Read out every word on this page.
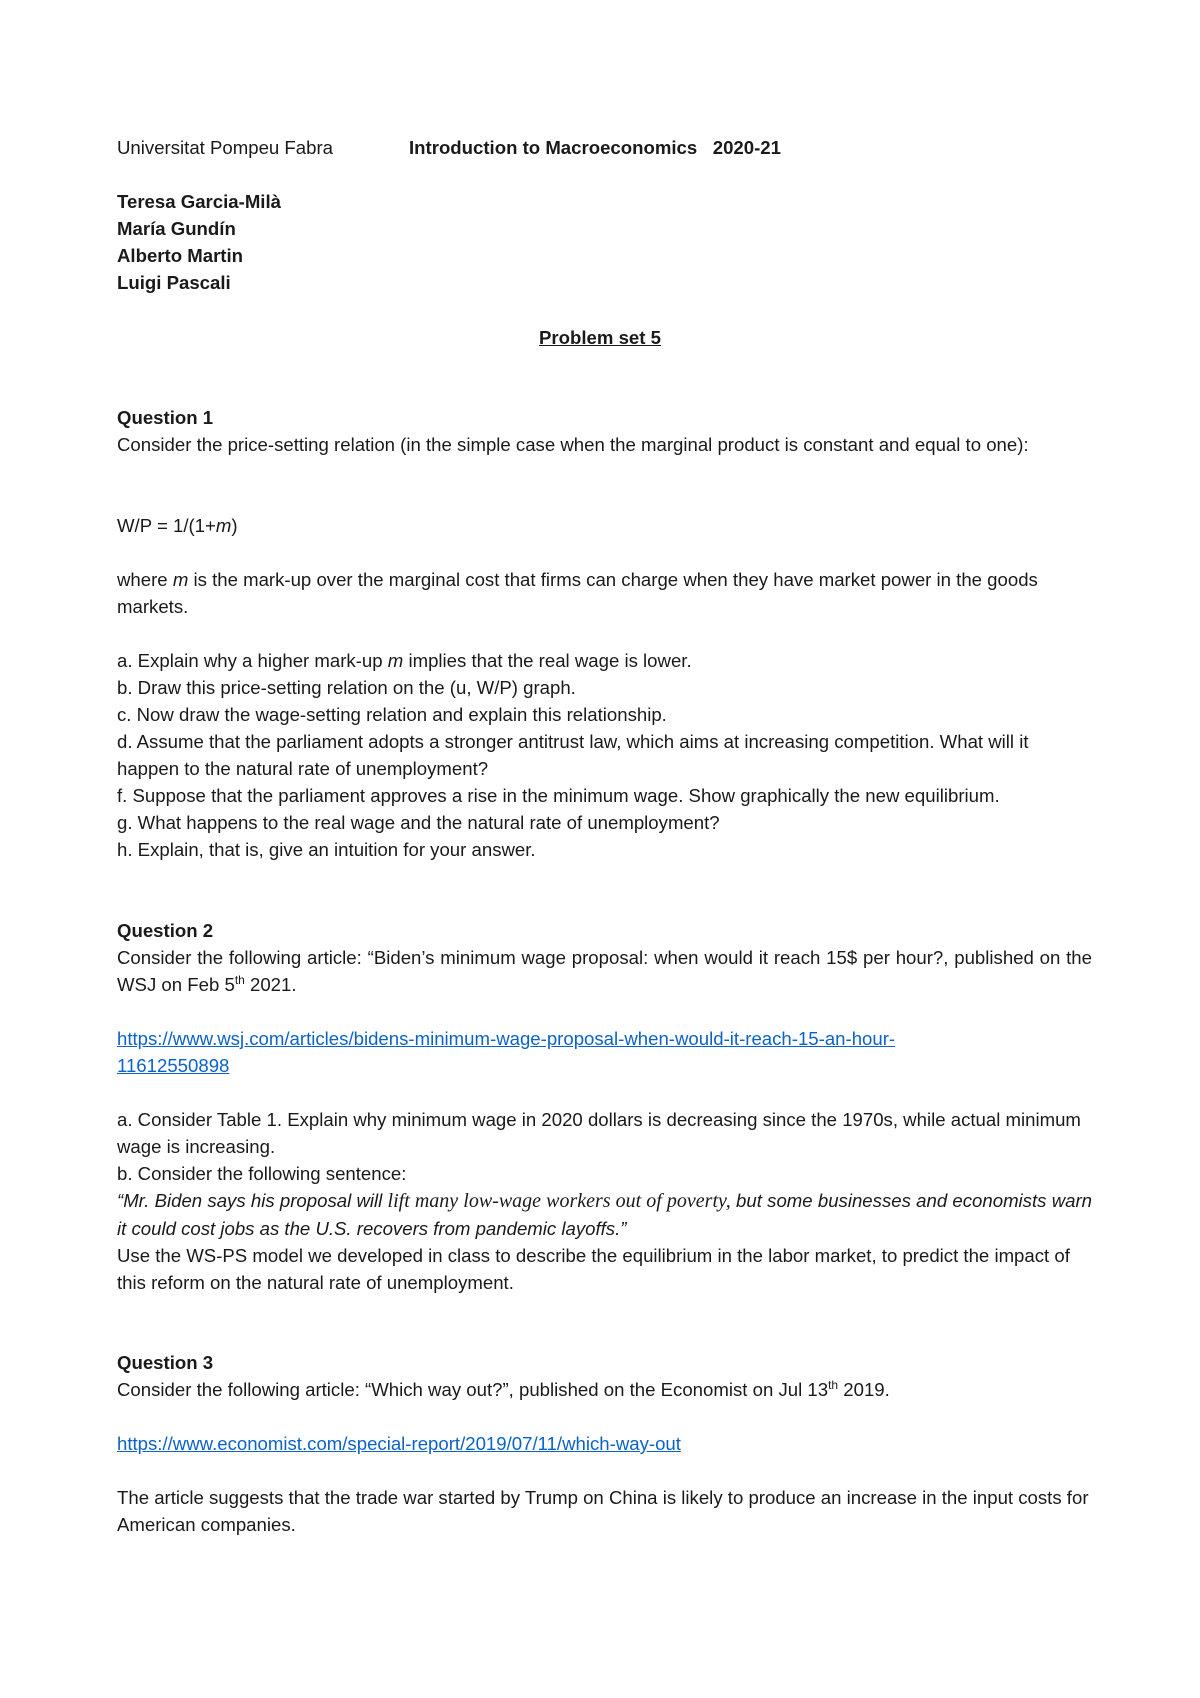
Universitat Pompeu Fabra	Introduction to Macroeconomics 2020-21
Teresa Garcia-Milà
María Gundín
Alberto Martin
Luigi Pascali
Problem set 5
Question 1
Consider the price-setting relation (in the simple case when the marginal product is constant and equal to one):
W/P = 1/(1+m)
where m is the mark-up over the marginal cost that firms can charge when they have market power in the goods markets.
a. Explain why a higher mark-up m implies that the real wage is lower.
b. Draw this price-setting relation on the (u, W/P) graph.
c. Now draw the wage-setting relation and explain this relationship.
d. Assume that the parliament adopts a stronger antitrust law, which aims at increasing competition. What will it happen to the natural rate of unemployment?
f. Suppose that the parliament approves a rise in the minimum wage. Show graphically the new equilibrium.
g. What happens to the real wage and the natural rate of unemployment?
h. Explain, that is, give an intuition for your answer.
Question 2
Consider the following article: “Biden’s minimum wage proposal: when would it reach 15$ per hour?, published on the WSJ on Feb 5th 2021.
https://www.wsj.com/articles/bidens-minimum-wage-proposal-when-would-it-reach-15-an-hour-
11612550898
a. Consider Table 1. Explain why minimum wage in 2020 dollars is decreasing since the 1970s, while actual minimum wage is increasing.
b. Consider the following sentence:
“Mr. Biden says his proposal will lift many low-wage workers out of poverty, but some businesses and economists warn it could cost jobs as the U.S. recovers from pandemic layoffs.”
Use the WS-PS model we developed in class to describe the equilibrium in the labor market, to predict the impact of this reform on the natural rate of unemployment.
Question 3
Consider the following article: “Which way out?”, published on the Economist on Jul 13th 2019.
https://www.economist.com/special-report/2019/07/11/which-way-out
The article suggests that the trade war started by Trump on China is likely to produce an increase in the input costs for American companies.
